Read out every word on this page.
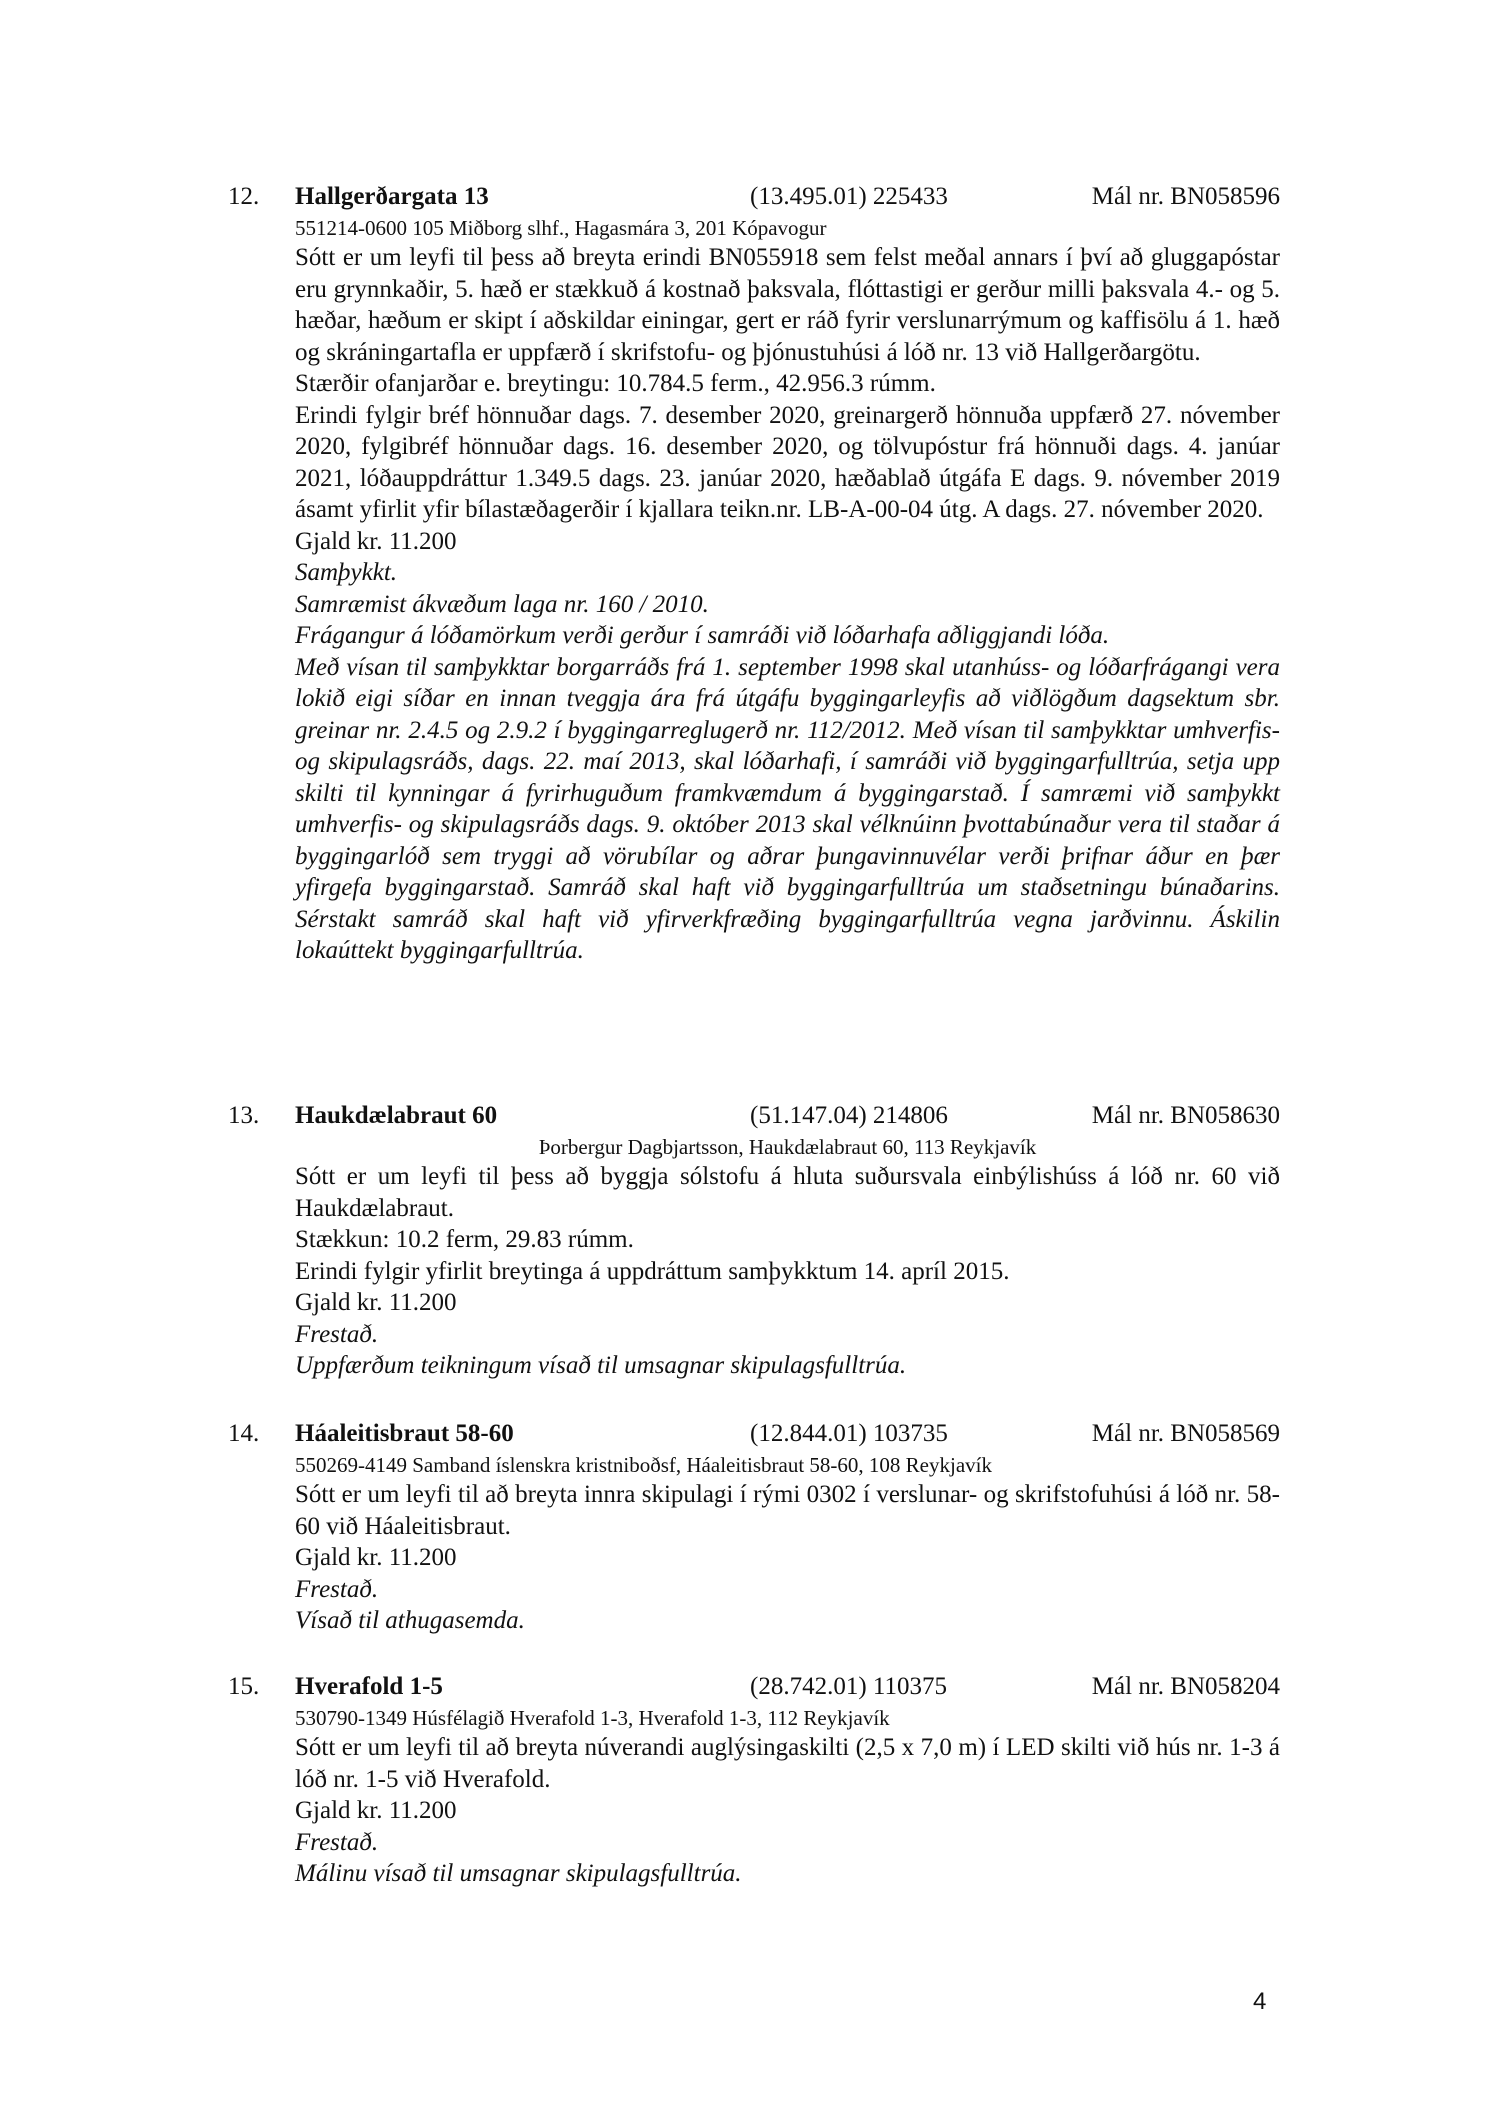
12. Hallgerðargata 13	(13.495.01) 225433	Mál nr. BN058596
551214-0600 105 Miðborg slhf., Hagasmára 3, 201 Kópavogur

Sótt er um leyfi til þess að breyta erindi BN055918 sem felst meðal annars í því að gluggapóstar eru grynnkaðir, 5. hæð er stækkuð á kostnað þaksvala, flóttastigi er gerður milli þaksvala 4.- og 5. hæðar, hæðum er skipt í aðskildar einingar, gert er ráð fyrir verslunarrýmum og kaffisölu á 1. hæð og skráningartafla er uppfærð í skrifstofu- og þjónustuhúsi á lóð nr. 13 við Hallgerðargötu.

Stærðir ofanjarðar e. breytingu: 10.784.5 ferm., 42.956.3 rúmm.

Erindi fylgir bréf hönnuðar dags. 7. desember 2020, greinargerð hönnuða uppfærð 27. nóvember 2020, fylgibréf hönnuðar dags. 16. desember 2020, og tölvupóstur frá hönnuði dags. 4. janúar 2021, lóðauppdráttur 1.349.5 dags. 23. janúar 2020, hæðablað útgáfa E dags. 9. nóvember 2019 ásamt yfirlit yfir bílastæðagerðir í kjallara teikn.nr. LB-A-00-04 útg. A dags. 27. nóvember 2020.

Gjald kr. 11.200

Samþykkt.

Samræmist ákvæðum laga nr. 160 / 2010.

Frágangur á lóðamörkum verði gerður í samráði við lóðarhafa aðliggjandi lóða.

Með vísan til samþykktar borgarráðs frá 1. september 1998 skal utanhúss- og lóðarfrágangi vera lokið eigi síðar en innan tveggja ára frá útgáfu byggingarleyfis að viðlögðum dagsektum sbr. greinar nr. 2.4.5 og 2.9.2 í byggingarreglugerð nr. 112/2012. Með vísan til samþykktar umhverfis- og skipulagsráðs, dags. 22. maí 2013, skal lóðarhafi, í samráði við byggingarfulltrúa, setja upp skilti til kynningar á fyrirhuguðum framkvæmdum á byggingarstað. Í samræmi við samþykkt umhverfis- og skipulagsráðs dags. 9. október 2013 skal vélknúinn þvottabúnaður vera til staðar á byggingarlóð sem tryggi að vörubílar og aðrar þungavinnuvélar verði þrifnar áður en þær yfirgefa byggingarstað. Samráð skal haft við byggingarfulltrúa um staðsetningu búnaðarins. Sérstakt samráð skal haft við yfirverkfræðing byggingarfulltrúa vegna jarðvinnu. Áskilin lokaúttekt byggingarfulltrúa.

13. Haukdælabraut 60	(51.147.04) 214806	Mál nr. BN058630
Þorbergur Dagbjartsson, Haukdælabraut 60, 113 Reykjavík

Sótt er um leyfi til þess að byggja sólstofu á hluta suðursvala einbýlishúss á lóð nr. 60 við Haukdælabraut.

Stækkun: 10.2 ferm, 29.83 rúmm.

Erindi fylgir yfirlit breytinga á uppdráttum samþykktum 14. apríl 2015.

Gjald kr. 11.200

Frestað.

Uppfærðum teikningum vísað til umsagnar skipulagsfulltrúa.

14. Háaleitisbraut 58-60	(12.844.01) 103735	Mál nr. BN058569
550269-4149 Samband íslenskra kristniboðsf, Háaleitisbraut 58-60, 108 Reykjavík

Sótt er um leyfi til að breyta innra skipulagi í rými 0302 í verslunar- og skrifstofuhúsi á lóð nr. 58-60 við Háaleitisbraut.

Gjald kr. 11.200

Frestað.

Vísað til athugasemda.

15. Hverafold 1-5	(28.742.01) 110375	Mál nr. BN058204
530790-1349 Húsfélagið Hverafold 1-3, Hverafold 1-3, 112 Reykjavík

Sótt er um leyfi til að breyta núverandi auglýsingaskilti (2,5 x 7,0 m) í LED skilti við hús nr. 1-3 á lóð nr. 1-5 við Hverafold.

Gjald kr. 11.200

Frestað.

Málinu vísað til umsagnar skipulagsfulltrúa.

4
